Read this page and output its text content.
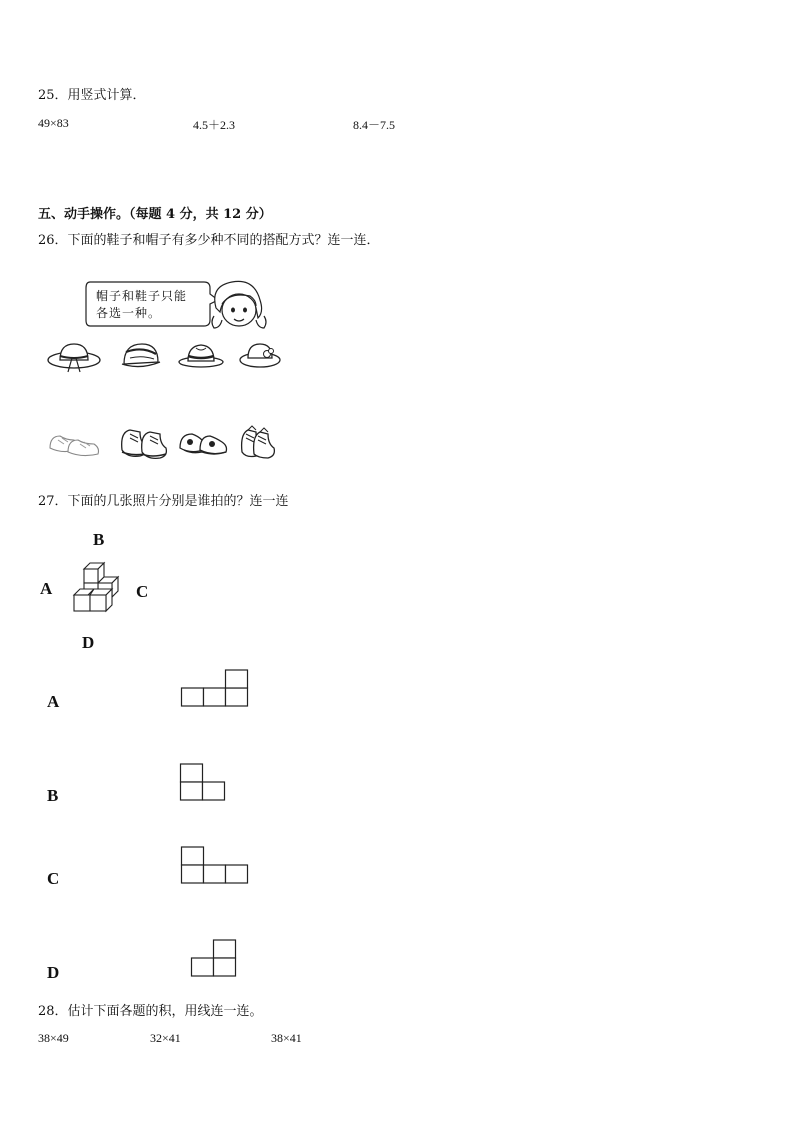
25．用竖式计算．
49×83	4.5＋2.3	8.4－7.5
五、动手操作。（每题 4 分，共 12 分）
26．下面的鞋子和帽子有多少种不同的搭配方式？连一连．
帽子和鞋子只能
各选一种。
27．下面的几张照片分别是谁拍的？连一连
B
A	C
D
A
B
C
D
28．估计下面各题的积，用线连一连。
38×49	32×41	38×41
